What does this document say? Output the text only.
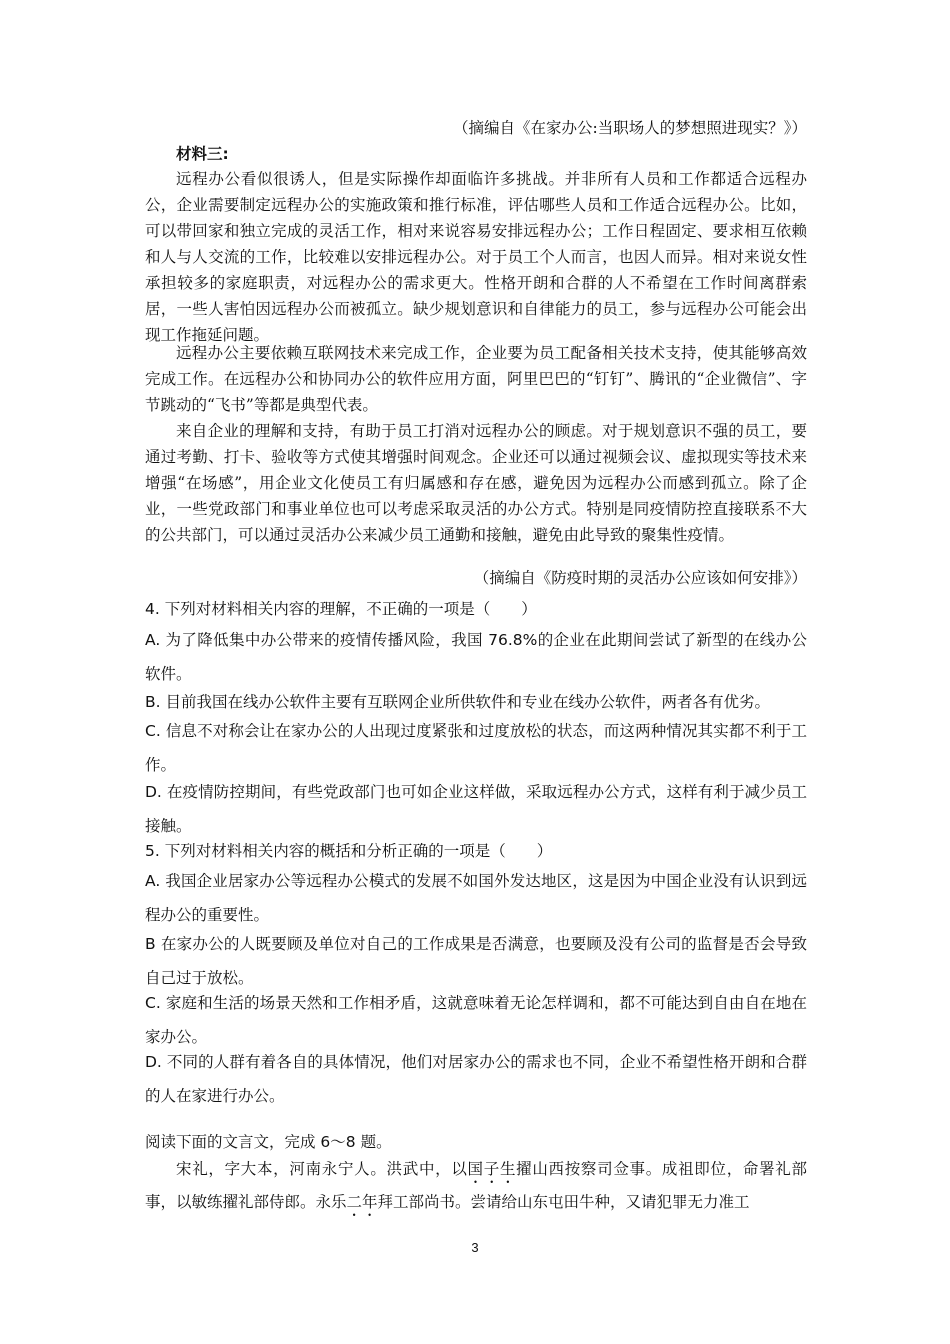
（摘编自《在家办公:当职场人的梦想照进现实？》）
材料三:
远程办公看似很诱人，但是实际操作却面临许多挑战。并非所有人员和工作都适合远程办公，企业需要制定远程办公的实施政策和推行标准，评估哪些人员和工作适合远程办公。比如，可以带回家和独立完成的灵活工作，相对来说容易安排远程办公；工作日程固定、要求相互依赖和人与人交流的工作，比较难以安排远程办公。对于员工个人而言，也因人而异。相对来说女性承担较多的家庭职责，对远程办公的需求更大。性格开朗和合群的人不希望在工作时间离群索居，一些人害怕因远程办公而被孤立。缺少规划意识和自律能力的员工，参与远程办公可能会出现工作拖延问题。
远程办公主要依赖互联网技术来完成工作，企业要为员工配备相关技术支持，使其能够高效完成工作。在远程办公和协同办公的软件应用方面，阿里巴巴的“钉钉”、腾讯的“企业微信”、字节跳动的“飞书”等都是典型代表。
来自企业的理解和支持，有助于员工打消对远程办公的顾虑。对于规划意识不强的员工，要通过考勤、打卡、验收等方式使其增强时间观念。企业还可以通过视频会议、虚拟现实等技术来增强“在场感”，用企业文化使员工有归属感和存在感，避免因为远程办公而感到孤立。除了企业，一些党政部门和事业单位也可以考虑采取灵活的办公方式。特别是同疫情防控直接联系不大的公共部门，可以通过灵活办公来减少员工通勤和接触，避免由此导致的聚集性疫情。
（摘编自《防疫时期的灵活办公应该如何安排》）
4. 下列对材料相关内容的理解，不正确的一项是（　　）
A. 为了降低集中办公带来的疫情传播风险，我国 76.8%的企业在此期间尝试了新型的在线办公软件。
B. 目前我国在线办公软件主要有互联网企业所供软件和专业在线办公软件，两者各有优劣。
C. 信息不对称会让在家办公的人出现过度紧张和过度放松的状态，而这两种情况其实都不利于工作。
D. 在疫情防控期间，有些党政部门也可如企业这样做，采取远程办公方式，这样有利于减少员工接触。
5. 下列对材料相关内容的概括和分析正确的一项是（　　）
A. 我国企业居家办公等远程办公模式的发展不如国外发达地区，这是因为中国企业没有认识到远程办公的重要性。
B 在家办公的人既要顾及单位对自己的工作成果是否满意，也要顾及没有公司的监督是否会导致自己过于放松。
C. 家庭和生活的场景天然和工作相矛盾，这就意味着无论怎样调和，都不可能达到自由自在地在家办公。
D. 不同的人群有着各自的具体情况，他们对居家办公的需求也不同，企业不希望性格开朗和合群的人在家进行办公。
阅读下面的文言文，完成 6～8 题。
宋礼，字大本，河南永宁人。洪武中，以国子生擢山西按察司佥事。成祖即位，命署礼部事，以敏练擢礼部侍郎。永乐二年拜工部尚书。尝请给山东屯田牛种，又请犯罪无力准工
3
